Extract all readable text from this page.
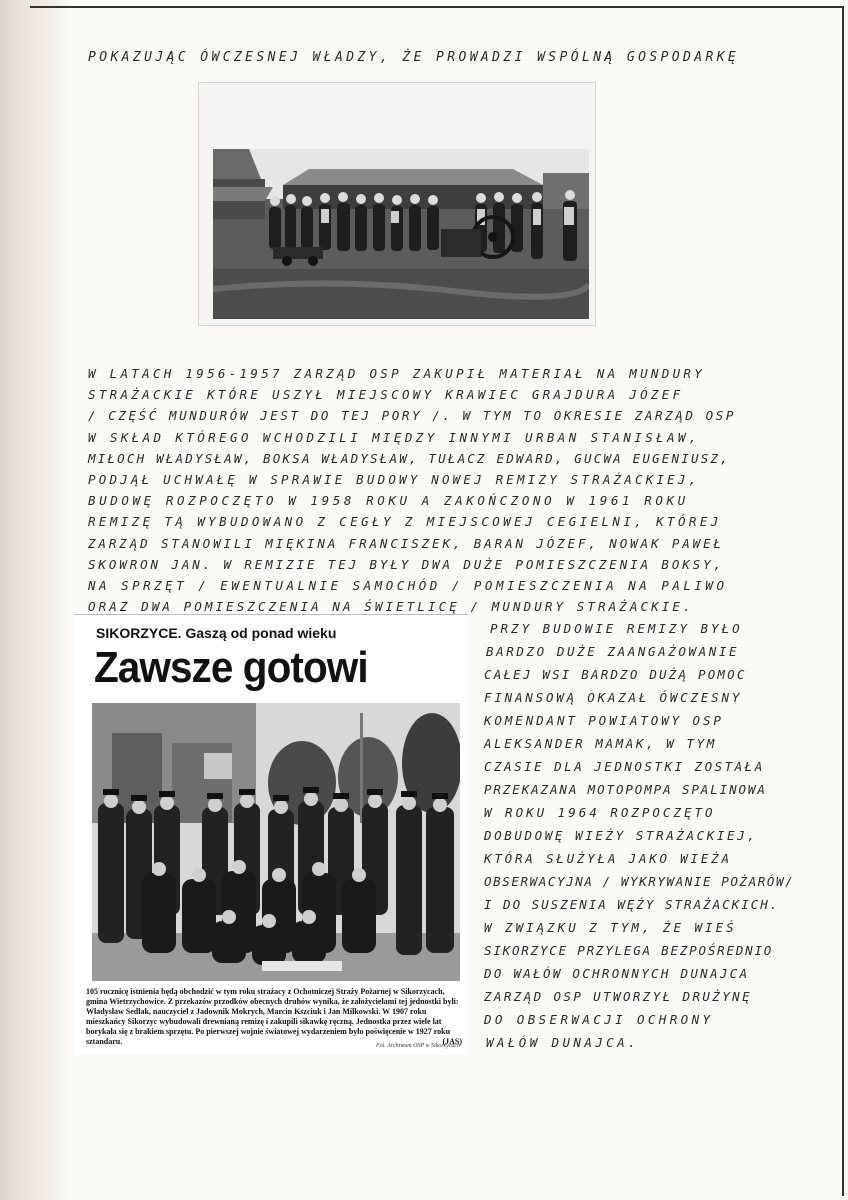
POKAZUJĄC ÓWCZESNEJ WŁADZY, ŻE PROWADZI WSPÓLNĄ GOSPODARKĘ
W LATACH 1956-1957 ZARZĄD OSP ZAKUPIŁ MATERIAŁ NA MUNDURY
STRAŻACKIE KTÓRE USZYŁ MIEJSCOWY KRAWIEC GRAJDURA JÓZEF
/ CZĘŚĆ MUNDURÓW JEST DO TEJ PORY /. W TYM TO OKRESIE ZARZĄD OSP
W SKŁAD KTÓREGO WCHODZILI MIĘDZY INNYMI URBAN STANISŁAW,
MIŁOCH WŁADYSŁAW, BOKSA WŁADYSŁAW, TUŁACZ EDWARD, GUCWA EUGENIUSZ,
PODJĄŁ UCHWAŁĘ W SPRAWIE BUDOWY NOWEJ REMIZY STRAŻACKIEJ,
BUDOWĘ ROZPOCZĘTO W 1958 ROKU A ZAKOŃCZONO W 1961 ROKU
REMIZĘ TĄ WYBUDOWANO Z CEGŁY Z MIEJSCOWEJ CEGIELNI, KTÓREJ
ZARZĄD STANOWILI MIĘKINA FRANCISZEK, BARAN JÓZEF, NOWAK PAWEŁ
SKOWRON JAN. W REMIZIE TEJ BYŁY DWA DUŻE POMIESZCZENIA BOKSY,
NA SPRZĘT / EWENTUALNIE SAMOCHÓD / POMIESZCZENIA NA PALIWO
ORAZ DWA POMIESZCZENIA NA ŚWIETLICĘ / MUNDURY STRAŻACKIE.
PRZY BUDOWIE REMIZY BYŁO
BARDZO DUŻE ZAANGAŻOWANIE
CAŁEJ WSI BARDZO DUŻĄ POMOC
FINANSOWĄ OKAZAŁ ÓWCZESNY
KOMENDANT POWIATOWY OSP
ALEKSANDER MAMAK, W TYM
CZASIE DLA JEDNOSTKI ZOSTAŁA
PRZEKAZANA MOTOPOMPA SPALINOWA
W ROKU 1964 ROZPOCZĘTO
DOBUDOWĘ WIEŻY STRAŻACKIEJ,
KTÓRA SŁUŻYŁA JAKO WIEŻA
OBSERWACYJNA / WYKRYWANIE POŻARÓW/
I DO SUSZENIA WĘŻY STRAŻACKICH.
W ZWIĄZKU Z TYM, ŻE WIEŚ
SIKORZYCE PRZYLEGA BEZPOŚREDNIO
DO WAŁÓW OCHRONNYCH DUNAJCA
ZARZĄD OSP UTWORZYŁ DRUŻYNĘ
DO OBSERWACJI OCHRONY
WAŁÓW DUNAJCA.
SIKORZYCE. Gaszą od ponad wieku
Zawsze gotowi
105 rocznicę istnienia będą obchodzić w tym roku strażacy z Ochotniczej Straży Pożarnej w Sikorzycach, gmina Wietrzychowice. Z przekazów przodków obecnych druhów wynika, że założycielami tej jednostki byli: Władysław Sedlak, nauczyciel z Jadownik Mokrych, Marcin Kszciuk i Jan Milkowski. W 1907 roku mieszkańcy Sikorzyc wybudowali drewnianą remizę i zakupili sikawkę ręczną. Jednostka przez wiele lat borykała się z brakiem sprzętu. Po pierwszej wojnie światowej wydarzeniem było poświęcenie w 1927 roku sztandaru.	(JAS)
Fot. Archiwum OSP w Sikorzycach
